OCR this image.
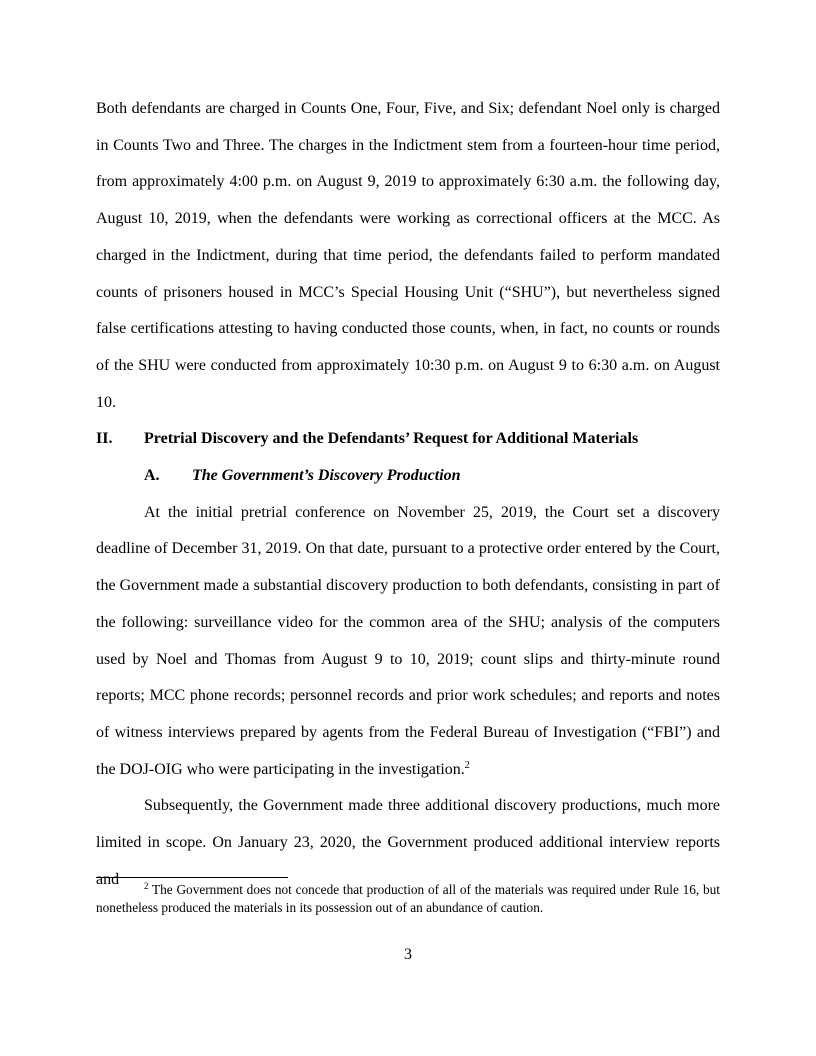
Both defendants are charged in Counts One, Four, Five, and Six; defendant Noel only is charged in Counts Two and Three. The charges in the Indictment stem from a fourteen-hour time period, from approximately 4:00 p.m. on August 9, 2019 to approximately 6:30 a.m. the following day, August 10, 2019, when the defendants were working as correctional officers at the MCC. As charged in the Indictment, during that time period, the defendants failed to perform mandated counts of prisoners housed in MCC’s Special Housing Unit (“SHU”), but nevertheless signed false certifications attesting to having conducted those counts, when, in fact, no counts or rounds of the SHU were conducted from approximately 10:30 p.m. on August 9 to 6:30 a.m. on August 10.

II.	Pretrial Discovery and the Defendants’ Request for Additional Materials
A.	The Government’s Discovery Production

At the initial pretrial conference on November 25, 2019, the Court set a discovery deadline of December 31, 2019. On that date, pursuant to a protective order entered by the Court, the Government made a substantial discovery production to both defendants, consisting in part of the following: surveillance video for the common area of the SHU; analysis of the computers used by Noel and Thomas from August 9 to 10, 2019; count slips and thirty-minute round reports; MCC phone records; personnel records and prior work schedules; and reports and notes of witness interviews prepared by agents from the Federal Bureau of Investigation (“FBI”) and the DOJ-OIG who were participating in the investigation.$^2$

Subsequently, the Government made three additional discovery productions, much more limited in scope. On January 23, 2020, the Government produced additional interview reports and	$^2$ The Government does not concede that production of all of the materials was required under Rule 16, but nonetheless produced the materials in its possession out of an abundance of caution.

3
